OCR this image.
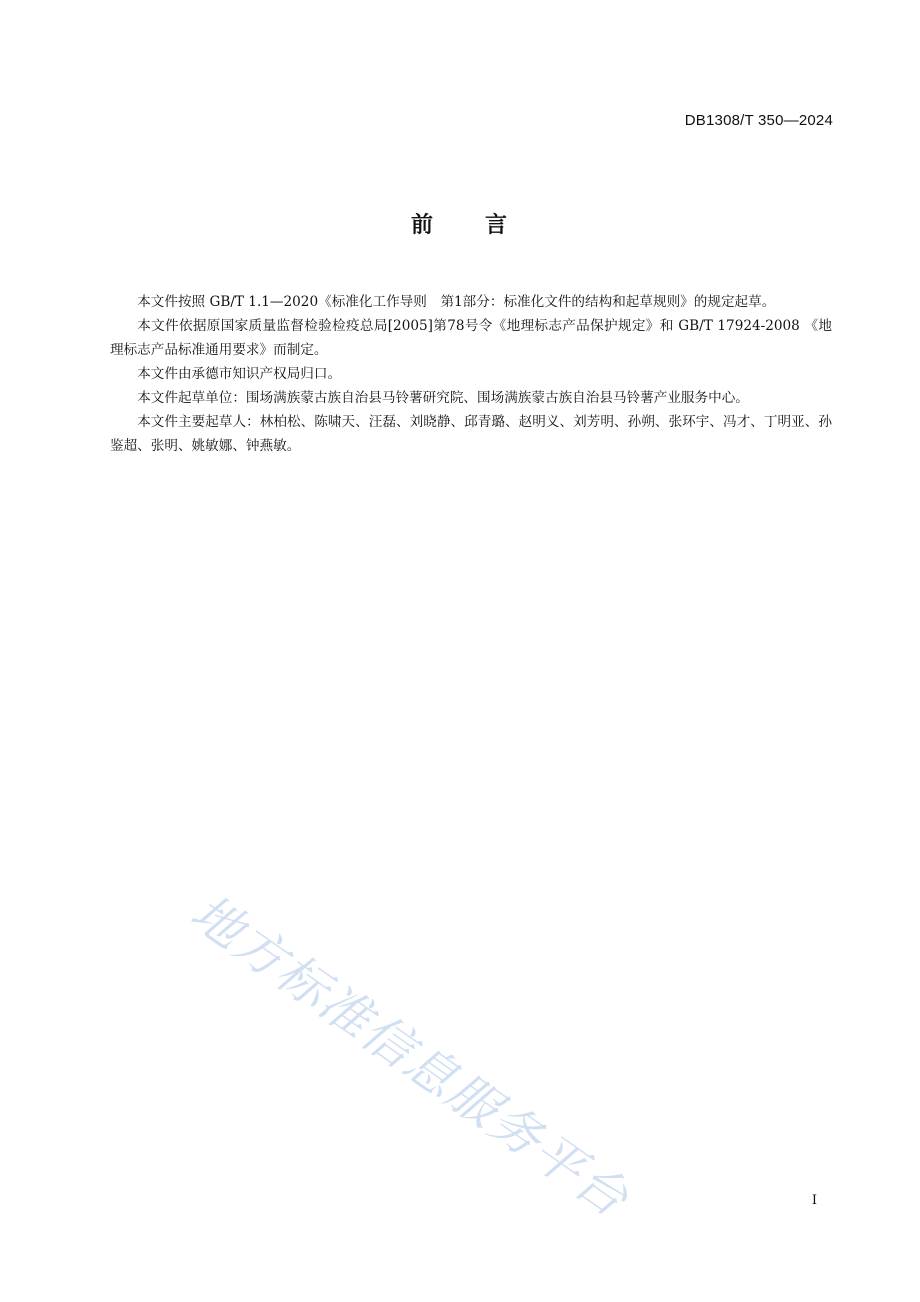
DB1308/T 350—2024
前 言

本文件按照 GB/T 1.1—2020《标准化工作导则　第1部分：标准化文件的结构和起草规则》的规定起草。

本文件依据原国家质量监督检验检疫总局[2005]第78号令《地理标志产品保护规定》和 GB/T 17924-2008 《地理标志产品标准通用要求》而制定。

本文件由承德市知识产权局归口。

本文件起草单位：围场满族蒙古族自治县马铃薯研究院、围场满族蒙古族自治县马铃薯产业服务中心。

本文件主要起草人：林柏松、陈啸天、汪磊、刘晓静、邱青璐、赵明义、刘芳明、孙朔、张环宇、冯才、丁明亚、孙鉴超、张明、姚敏娜、钟燕敏。

地方标准信息服务平台	I
